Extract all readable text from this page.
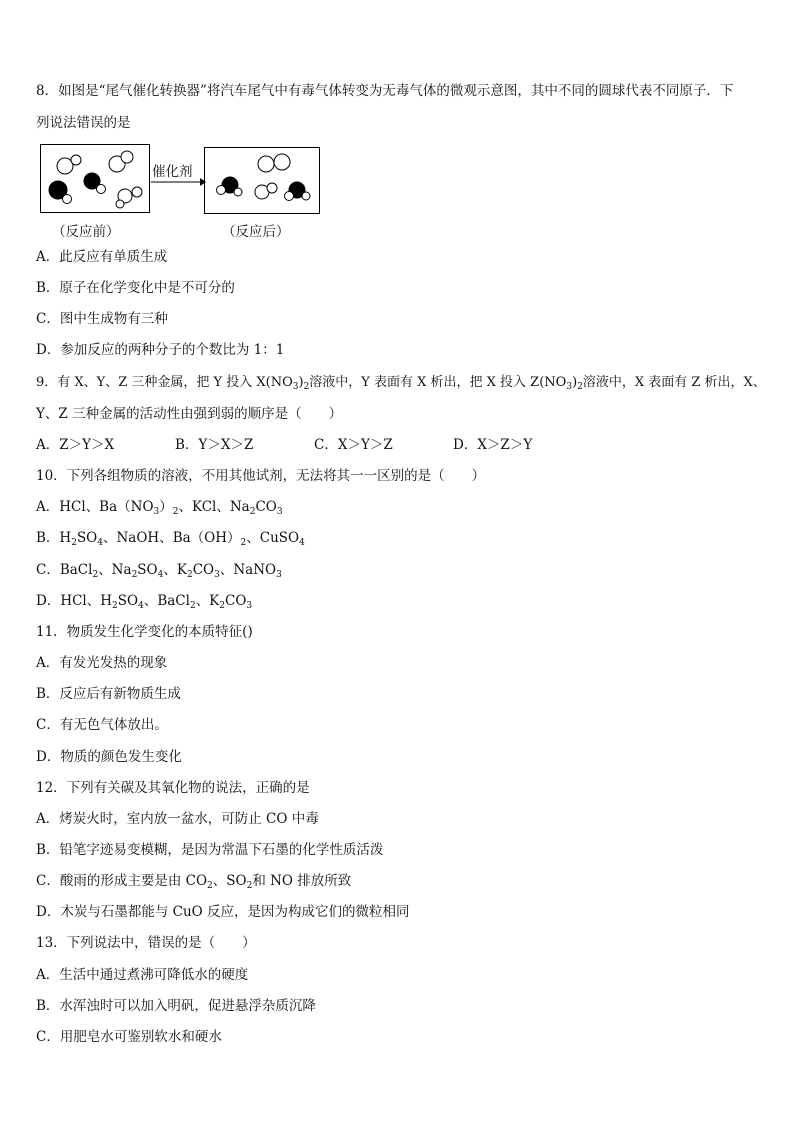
8．如图是“尾气催化转换器”将汽车尾气中有毒气体转变为无毒气体的微观示意图，其中不同的圆球代表不同原子．下
列说法错误的是
催化剂
（反应前）	（反应后）
A．此反应有单质生成
B．原子在化学变化中是不可分的
C．图中生成物有三种
D．参加反应的两种分子的个数比为 1：1
9．有 X、Y、Z 三种金属，把 Y 投入 $X(NO_3)_2$溶液中，Y 表面有 X 析出，把 X 投入 $Z(NO_3)_2$溶液中，X 表面有 Z 析出，X、
Y、Z 三种金属的活动性由强到弱的顺序是（　　）
A．Z＞Y＞X	B．Y＞X＞Z	C．X＞Y＞Z	D．X＞Z＞Y
10．下列各组物质的溶液，不用其他试剂，无法将其一一区别的是（　　）
A．HCl、$Ba(NO_3)_2$、KCl、$Na_2CO_3$
B．$H_2SO_4$、NaOH、$Ba(OH)_2$、CuSO$_4$
C．BaCl$_2$、$Na_2SO_4$、$K_2CO_3$、NaNO$_3$
D．HCl、$H_2SO_4$、BaCl$_2$、$K_2CO_3$
11．物质发生化学变化的本质特征()
A．有发光发热的现象
B．反应后有新物质生成
C．有无色气体放出。
D．物质的颜色发生变化
12．下列有关碳及其氧化物的说法，正确的是
A．烤炭火时，室内放一盆水，可防止 CO 中毒
B．铅笔字迹易变模糊，是因为常温下石墨的化学性质活泼
C．酸雨的形成主要是由 $CO_2$、$SO_2$和 NO 排放所致
D．木炭与石墨都能与 CuO 反应，是因为构成它们的微粒相同
13．下列说法中，错误的是（　　）
A．生活中通过煮沸可降低水的硬度
B．水浑浊时可以加入明矾，促进悬浮杂质沉降
C．用肥皂水可鉴别软水和硬水
